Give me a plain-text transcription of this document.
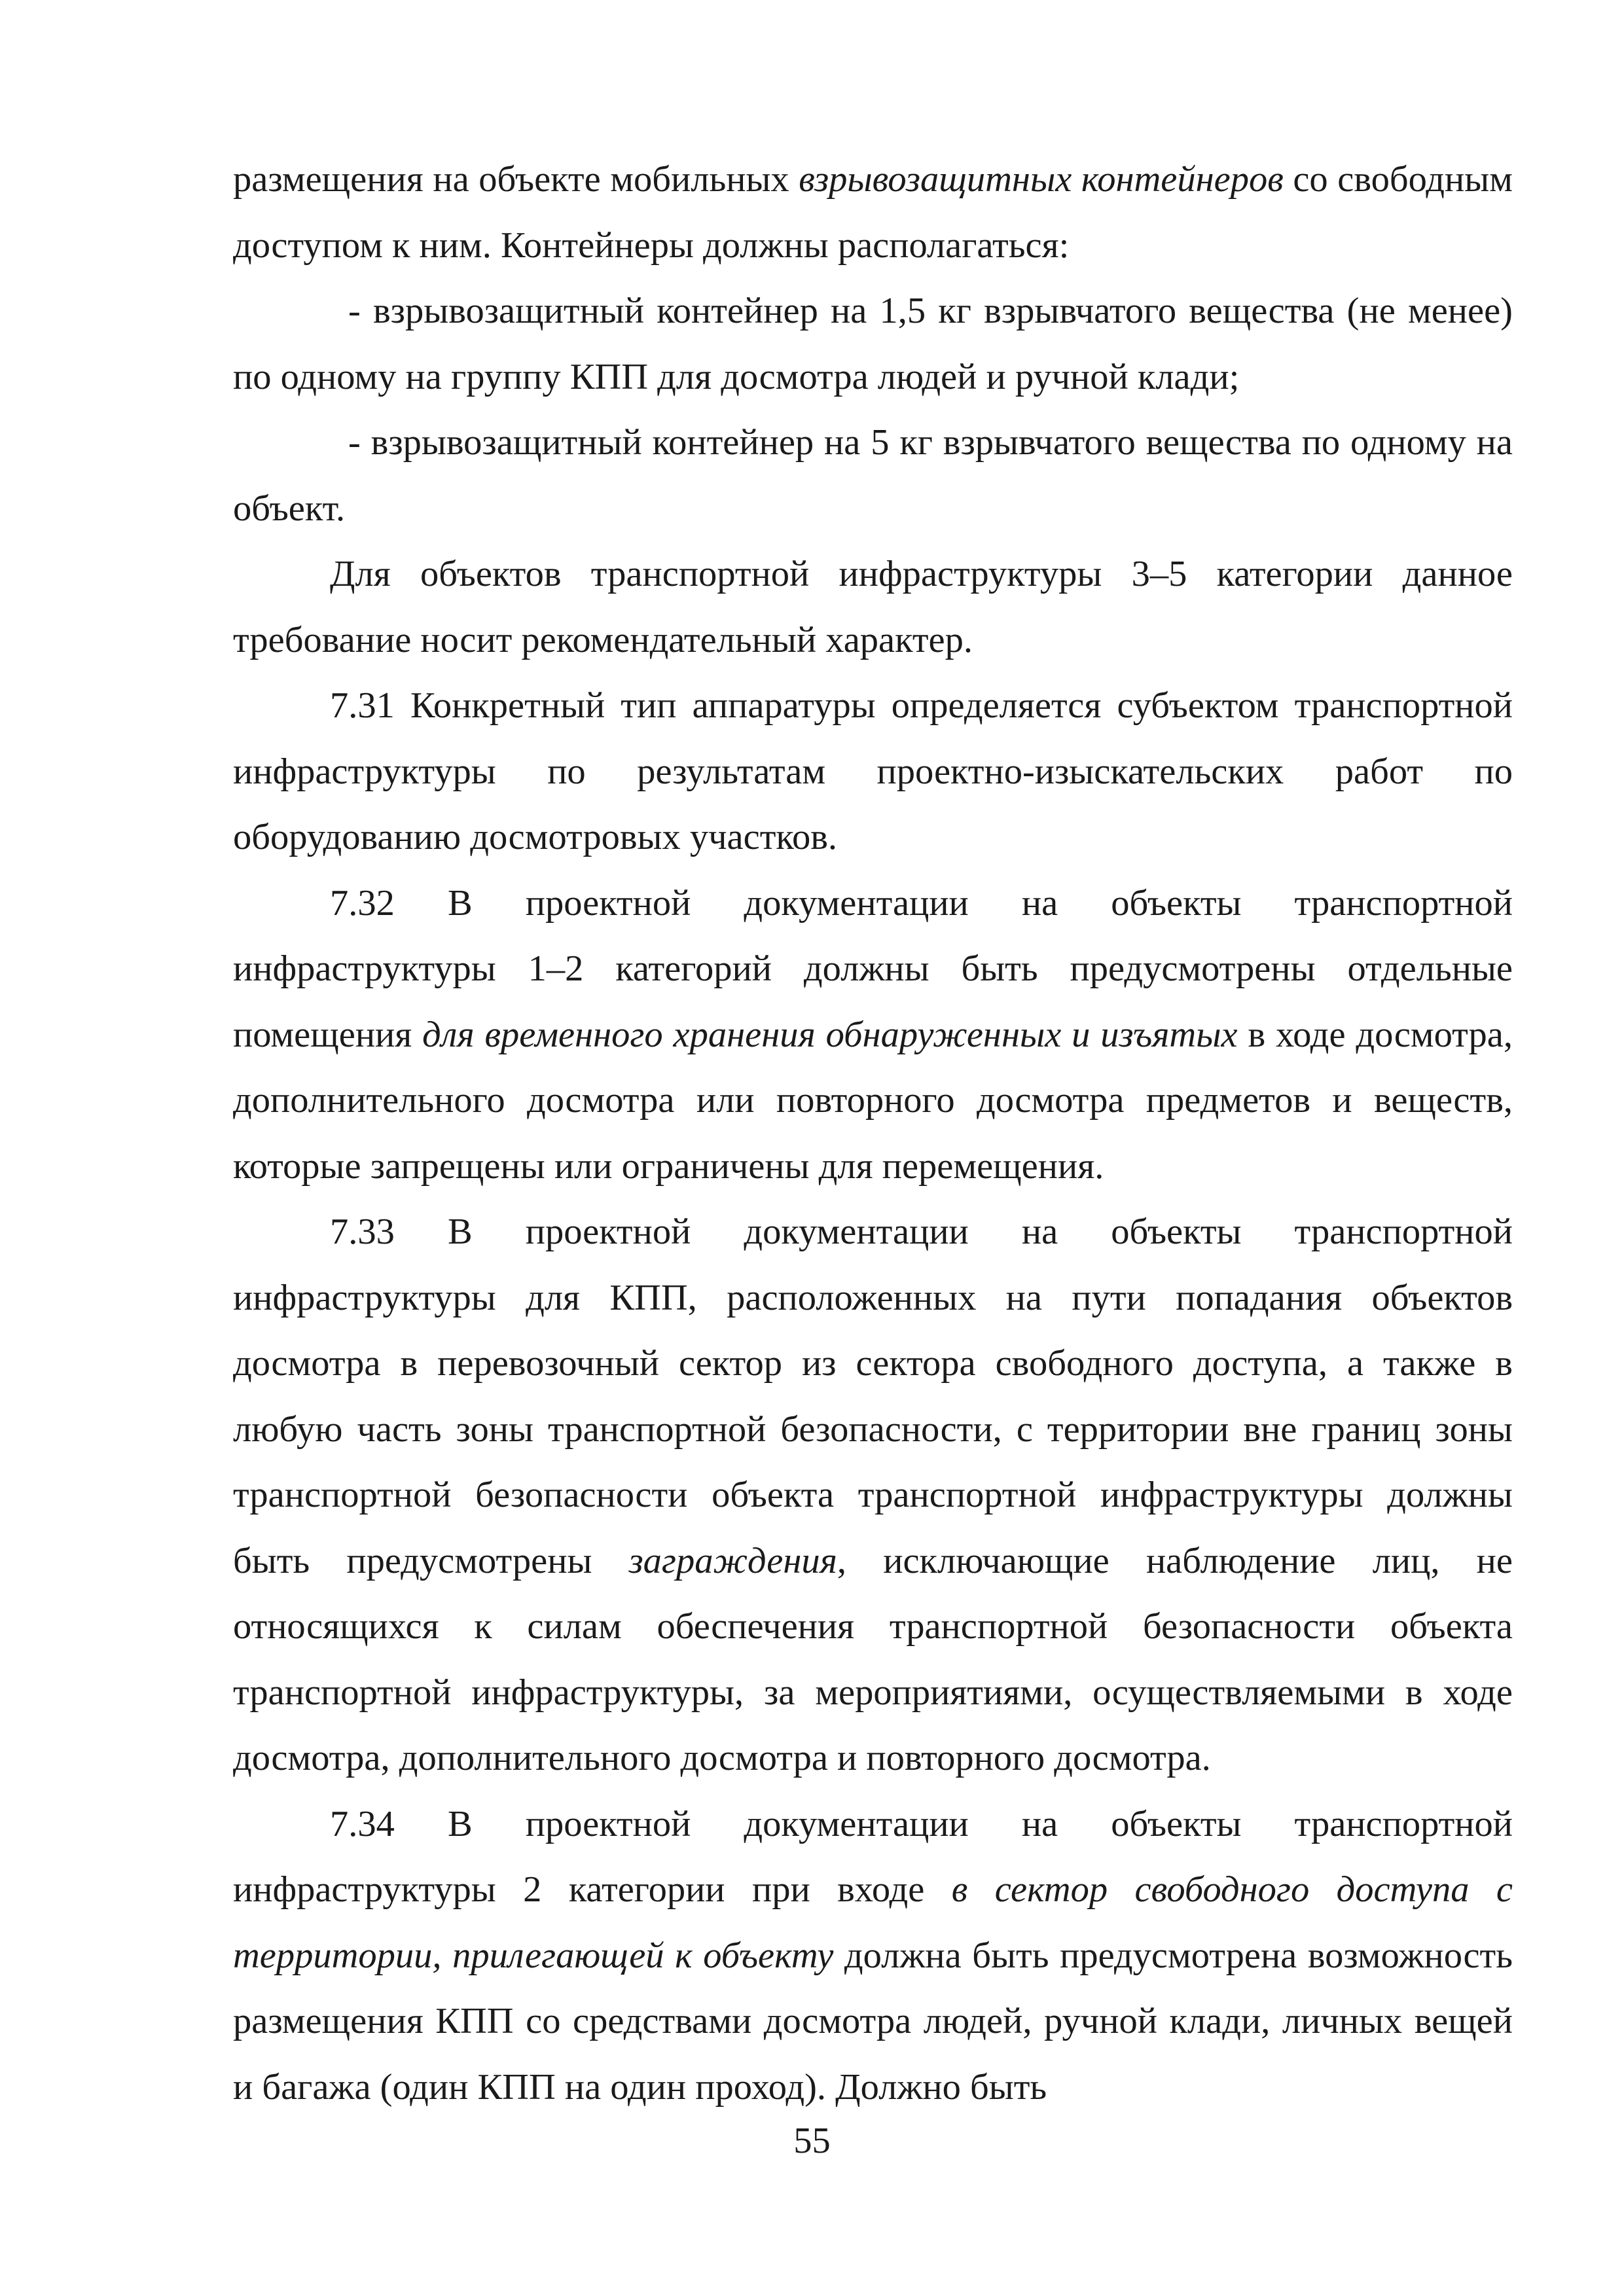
размещения на объекте мобильных взрывозащитных контейнеров со свободным доступом к ним. Контейнеры должны располагаться:

- взрывозащитный контейнер на 1,5 кг взрывчатого вещества (не менее) по одному на группу КПП для досмотра людей и ручной клади;

- взрывозащитный контейнер на 5 кг взрывчатого вещества по одному на объект.

Для объектов транспортной инфраструктуры 3–5 категории данное требование носит рекомендательный характер.

7.31 Конкретный тип аппаратуры определяется субъектом транспортной инфраструктуры по результатам проектно-изыскательских работ по оборудованию досмотровых участков.

7.32 В проектной документации на объекты транспортной инфраструктуры 1–2 категорий должны быть предусмотрены отдельные помещения для временного хранения обнаруженных и изъятых в ходе досмотра, дополнительного досмотра или повторного досмотра предметов и веществ, которые запрещены или ограничены для перемещения.

7.33 В проектной документации на объекты транспортной инфраструктуры для КПП, расположенных на пути попадания объектов досмотра в перевозочный сектор из сектора свободного доступа, а также в любую часть зоны транспортной безопасности, с территории вне границ зоны транспортной безопасности объекта транспортной инфраструктуры должны быть предусмотрены заграждения, исключающие наблюдение лиц, не относящихся к силам обеспечения транспортной безопасности объекта транспортной инфраструктуры, за мероприятиями, осуществляемыми в ходе досмотра, дополнительного досмотра и повторного досмотра.

7.34 В проектной документации на объекты транспортной инфраструктуры 2 категории при входе в сектор свободного доступа с территории, прилегающей к объекту должна быть предусмотрена возможность размещения КПП со средствами досмотра людей, ручной клади, личных вещей и багажа (один КПП на один проход). Должно быть

55
